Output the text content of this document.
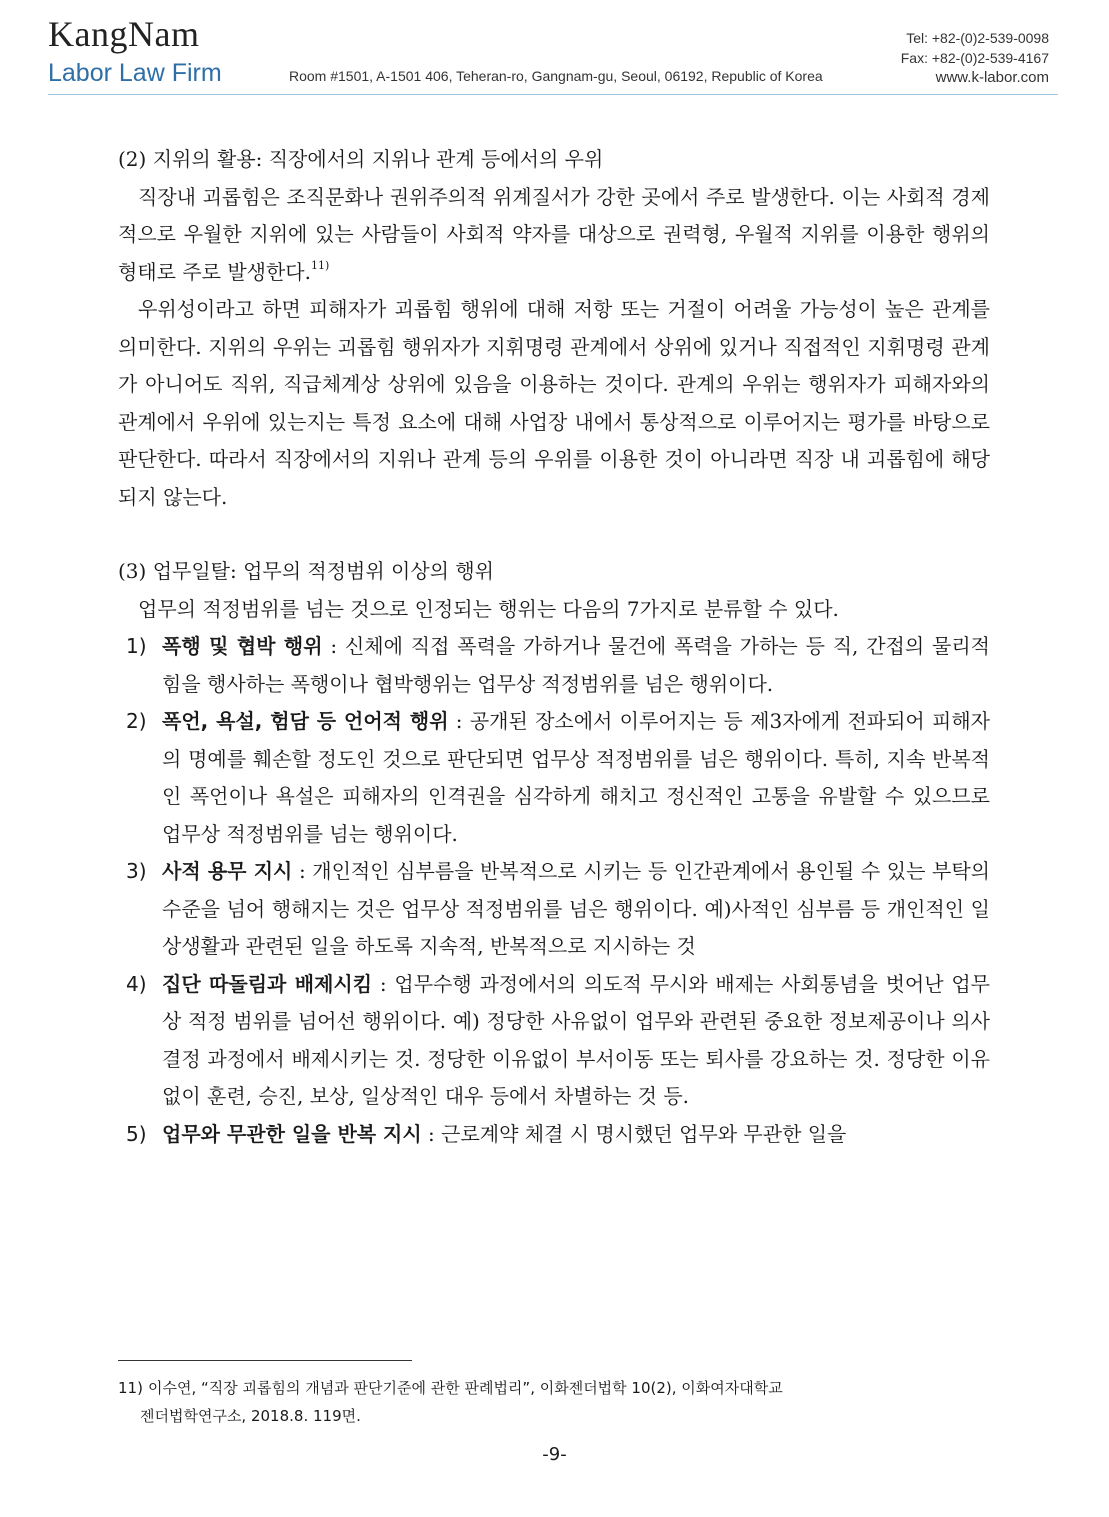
KangNam
Labor Law Firm	Room #1501, A-1501 406, Teheran-ro, Gangnam-gu, Seoul, 06192, Republic of Korea
Tel: +82-(0)2-539-0098
Fax: +82-(0)2-539-4167
www.k-labor.com
(2) 지위의 활용: 직장에서의 지위나 관계 등에서의 우위

직장내 괴롭힘은 조직문화나 권위주의적 위계질서가 강한 곳에서 주로 발생한다. 이는 사회적 경제적으로 우월한 지위에 있는 사람들이 사회적 약자를 대상으로 권력형, 우월적 지위를 이용한 행위의 형태로 주로 발생한다.$^{11)}$

우위성이라고 하면 피해자가 괴롭힘 행위에 대해 저항 또는 거절이 어려울 가능성이 높은 관계를 의미한다. 지위의 우위는 괴롭힘 행위자가 지휘명령 관계에서 상위에 있거나 직접적인 지휘명령 관계가 아니어도 직위, 직급체계상 상위에 있음을 이용하는 것이다. 관계의 우위는 행위자가 피해자와의 관계에서 우위에 있는지는 특정 요소에 대해 사업장 내에서 통상적으로 이루어지는 평가를 바탕으로 판단한다. 따라서 직장에서의 지위나 관계 등의 우위를 이용한 것이 아니라면 직장 내 괴롭힘에 해당되지 않는다.

(3) 업무일탈: 업무의 적정범위 이상의 행위

업무의 적정범위를 넘는 것으로 인정되는 행위는 다음의 7가지로 분류할 수 있다.

1) 폭행 및 협박 행위 : 신체에 직접 폭력을 가하거나 물건에 폭력을 가하는 등 직, 간접의 물리적 힘을 행사하는 폭행이나 협박행위는 업무상 적정범위를 넘은 행위이다.
2) 폭언, 욕설, 험담 등 언어적 행위 : 공개된 장소에서 이루어지는 등 제3자에게 전파되어 피해자의 명예를 훼손할 정도인 것으로 판단되면 업무상 적정범위를 넘은 행위이다. 특히, 지속 반복적인 폭언이나 욕설은 피해자의 인격권을 심각하게 해치고 정신적인 고통을 유발할 수 있으므로 업무상 적정범위를 넘는 행위이다.
3) 사적 용무 지시 : 개인적인 심부름을 반복적으로 시키는 등 인간관계에서 용인될 수 있는 부탁의 수준을 넘어 행해지는 것은 업무상 적정범위를 넘은 행위이다. 예)사적인 심부름 등 개인적인 일상생활과 관련된 일을 하도록 지속적, 반복적으로 지시하는 것
4) 집단 따돌림과 배제시킴 : 업무수행 과정에서의 의도적 무시와 배제는 사회통념을 벗어난 업무상 적정 범위를 넘어선 행위이다. 예) 정당한 사유없이 업무와 관련된 중요한 정보제공이나 의사결정 과정에서 배제시키는 것. 정당한 이유없이 부서이동 또는 퇴사를 강요하는 것. 정당한 이유없이 훈련, 승진, 보상, 일상적인 대우 등에서 차별하는 것 등.
5) 업무와 무관한 일을 반복 지시 : 근로계약 체결 시 명시했던 업무와 무관한 일을
11) 이수연, “직장 괴롭힘의 개념과 판단기준에 관한 판례법리”, 이화젠더법학 10(2), 이화여자대학교
젠더법학연구소, 2018.8. 119면.
-9-
